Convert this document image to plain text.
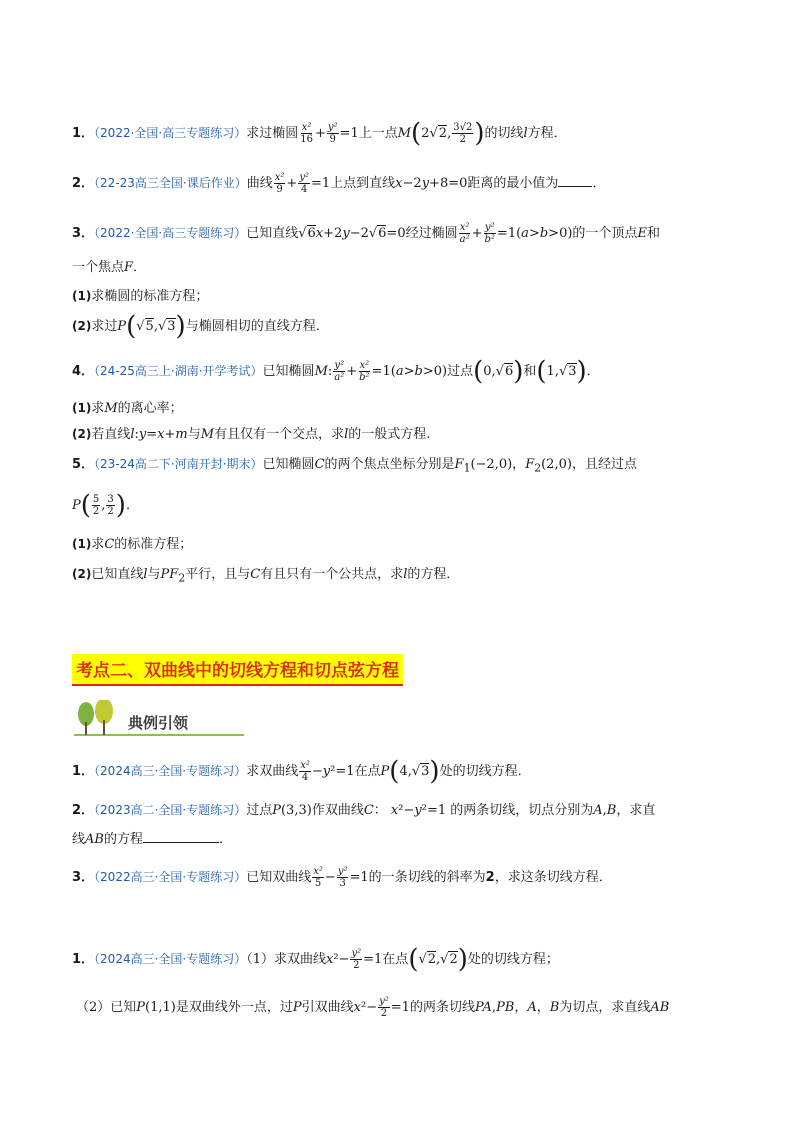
1．（2022·全国·高三专题练习）求过椭圆 $\frac{\text{x²}}{16} + \frac{\text{y²}}{9} =1$上一点M(2√2, $\frac{3√2}{2}$ )的切线l方程．
2．（22-23高三全国·课后作业）曲线 $\frac{\text{x²}}{9} + \frac{\text{y²}}{4} =1$上点到直线x−2y+8=0距离的最小值为	．
3．（2022·全国·高三专题练习）已知直线√6x+2y−2√6=0经过椭圆 $\frac{\text{x²}}{\text{a²}} + \frac{\text{y²}}{\text{b²}} =1(a>b>0)$的一个顶点E和
一个焦点F．
(1)求椭圆的标准方程；
(2)求过P(√5,√3)与椭圆相切的直线方程．
4．（24-25高三上·湖南·开学考试）已知椭圆M: $\frac{\text{y²}}{\text{a²}} + \frac{\text{x²}}{\text{b²}} =1(a>b>0)$过点(0,√6)和(1,√3)．
(1)求M的离心率；
(2)若直线l:y=x+m与M有且仅有一个交点，求l的一般式方程.
5．（23-24高二下·河南开封·期末）已知椭圆C的两个焦点坐标分别是$F_1(-2,0)$，$F_2(2,0)$，且经过点
$P( \frac{5}{2}$ , $\frac{3}{2}$ )．
(1)求C的标准方程；
(2)已知直线l与$PF_2$平行，且与C有且只有一个公共点，求l的方程．
考点二、双曲线中的切线方程和切点弦方程
典例引领
1．（2024高三·全国·专题练习）求双曲线 $\frac{\text{x²}}{4} -y^2=1$在点P(4,√3)处的切线方程．
2．（2023高二·全国·专题练习）过点P(3,3)作双曲线C： x²−y²=1 的两条切线，切点分别为A,B，求直
线AB的方程	．
3．（2022高三·全国·专题练习）已知双曲线 $\frac{\text{x²}}{5} - \frac{\text{y²}}{3} =1$的一条切线的斜率为2，求这条切线方程．
1．（2024高三·全国·专题练习）（1）求双曲线$x^2- \frac{\text{y²}}{2} =1$在点(√2,√2)处的切线方程；
（2）已知P(1,1)是双曲线外一点，过P引双曲线$x^2- \frac{\text{y²}}{2} =1$的两条切线PA,PB，A，B为切点，求直线AB
